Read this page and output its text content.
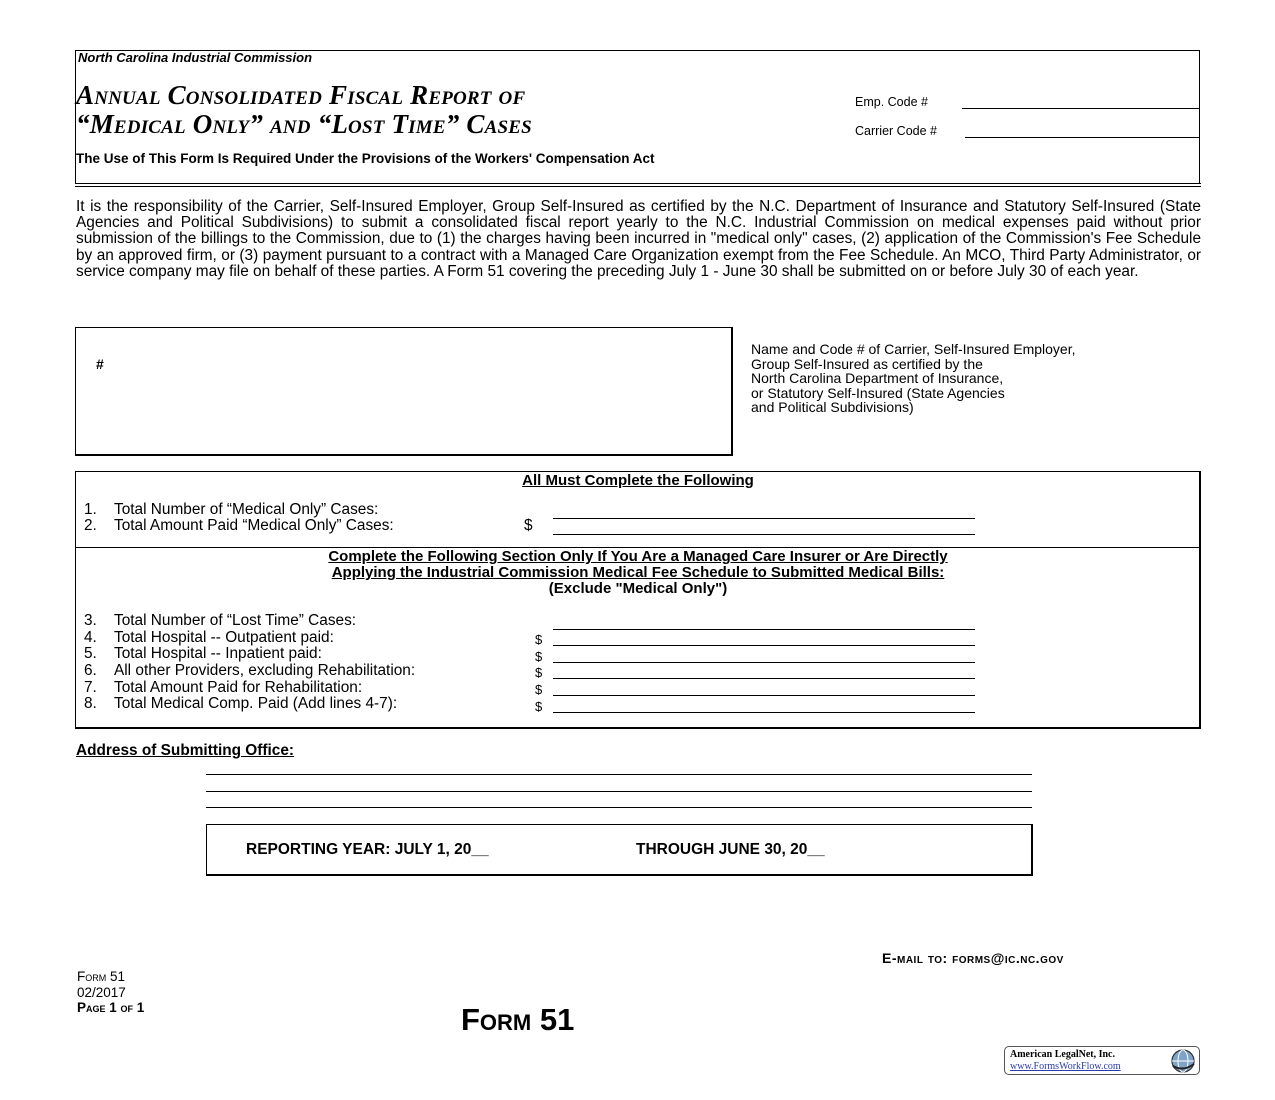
North Carolina Industrial Commission
Annual Consolidated Fiscal Report of
“Medical Only” and “Lost Time” Cases
The Use of This Form Is Required Under the Provisions of the Workers' Compensation Act
Emp. Code #
Carrier Code #
It is the responsibility of the Carrier, Self-Insured Employer, Group Self-Insured as certified by the N.C. Department of Insurance and Statutory Self-Insured (State Agencies and Political Subdivisions) to submit a consolidated fiscal report yearly to the N.C. Industrial Commission on medical expenses paid without prior submission of the billings to the Commission, due to (1) the charges having been incurred in "medical only" cases, (2) application of the Commission's Fee Schedule by an approved firm, or (3) payment pursuant to a contract with a Managed Care Organization exempt from the Fee Schedule. An MCO, Third Party Administrator, or service company may file on behalf of these parties. A Form 51 covering the preceding July 1 - June 30 shall be submitted on or before July 30 of each year.
#
Name and Code # of Carrier, Self-Insured Employer,
Group Self-Insured as certified by the
North Carolina Department of Insurance,
or Statutory Self-Insured (State Agencies
and Political Subdivisions)
All Must Complete the Following
1. Total Number of “Medical Only” Cases:
2. Total Amount Paid “Medical Only” Cases:	$
Complete the Following Section Only If You Are a Managed Care Insurer or Are Directly
Applying the Industrial Commission Medical Fee Schedule to Submitted Medical Bills:
(Exclude "Medical Only")
3. Total Number of “Lost Time” Cases:
4. Total Hospital -- Outpatient paid:	$
5. Total Hospital -- Inpatient paid:	$
6. All other Providers, excluding Rehabilitation:	$
7. Total Amount Paid for Rehabilitation:	$
8. Total Medical Comp. Paid (Add lines 4-7):	$
Address of Submitting Office:
REPORTING YEAR: JULY 1, 20__	THROUGH JUNE 30, 20__
E-mail to: forms@ic.nc.gov
Form 51
02/2017
Page 1 of 1	Form 51
American LegalNet, Inc.
www.FormsWorkFlow.com
